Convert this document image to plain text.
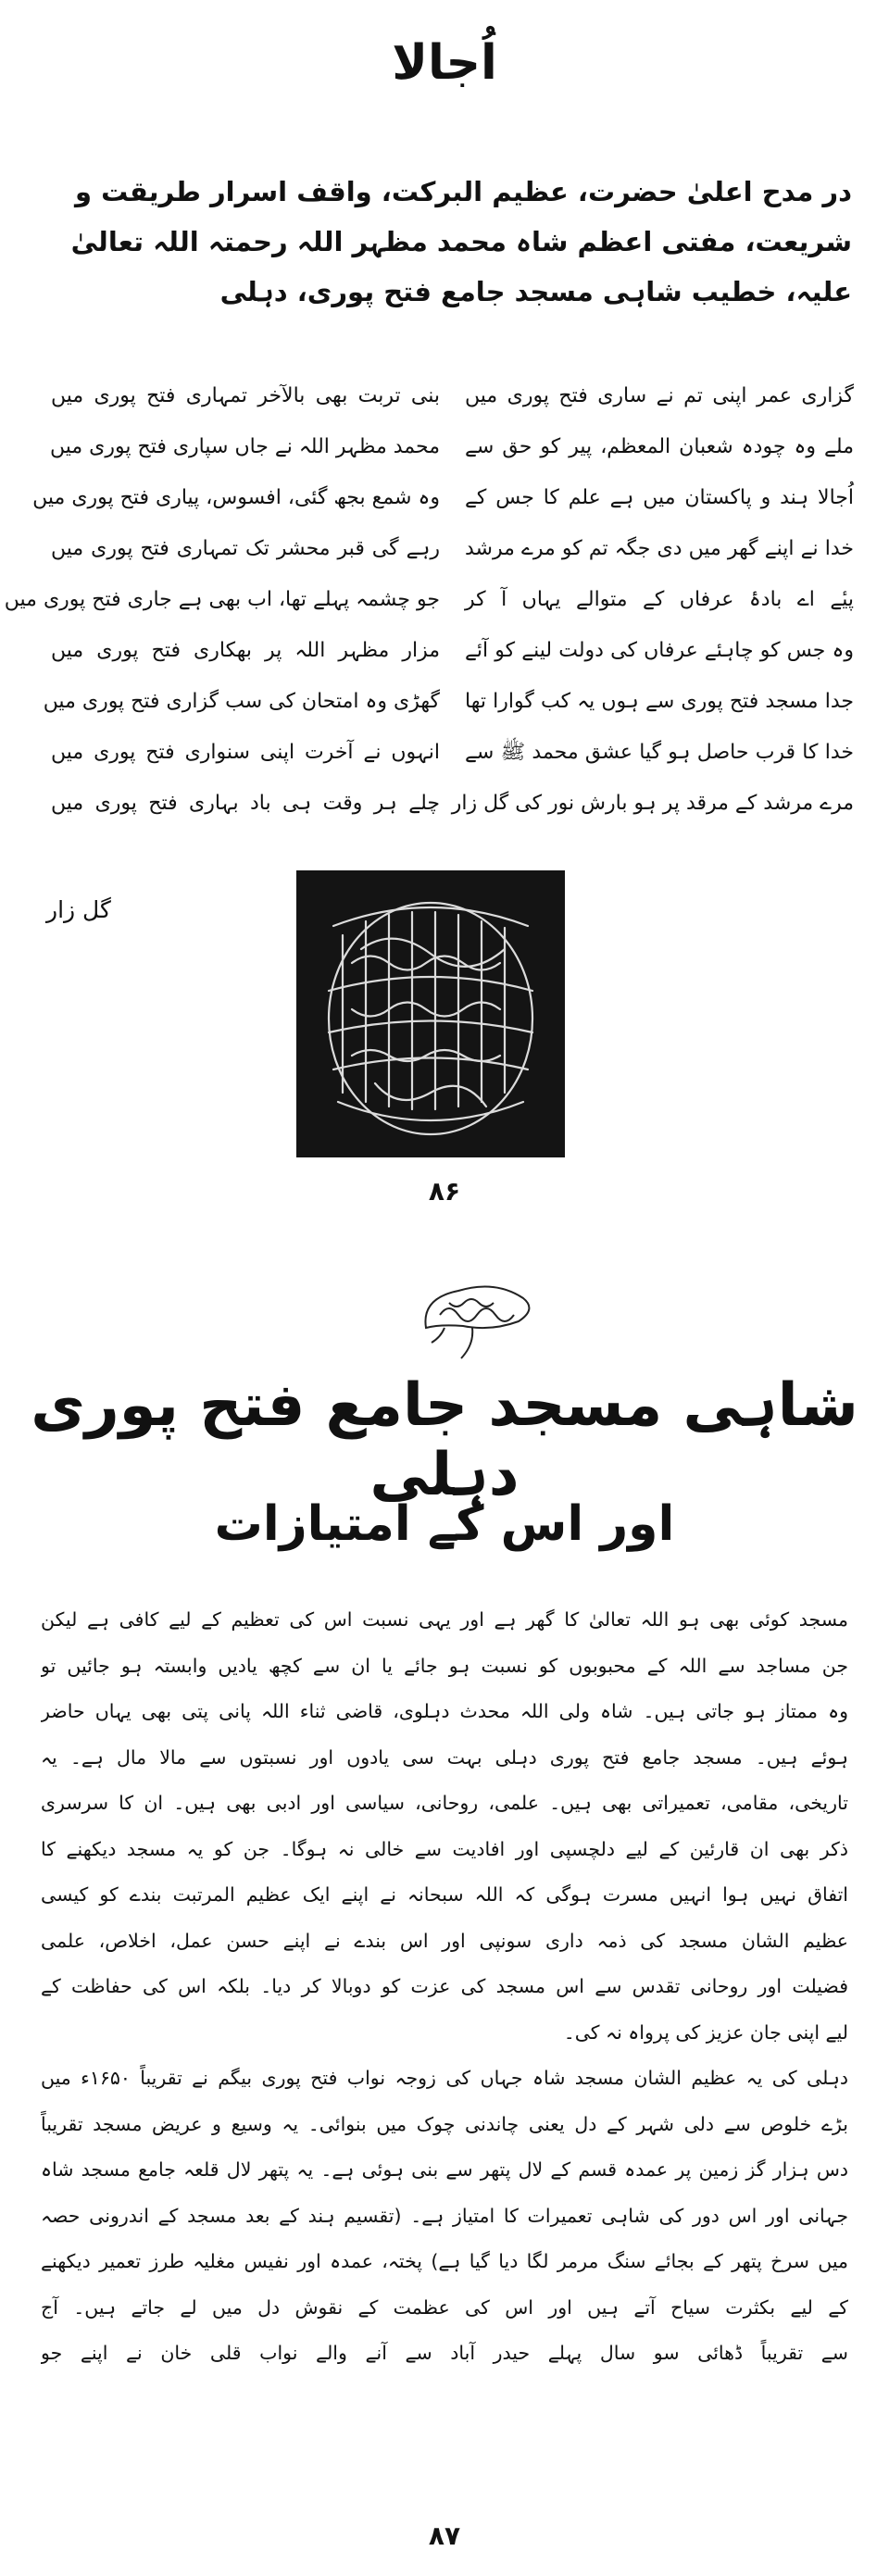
اُجالا

در مدح اعلیٰ حضرت، عظیم البرکت، واقف اسرار طریقت و شریعت، مفتی اعظم شاہ محمد مظہر اللہ رحمتہ اللہ تعالیٰ علیہ، خطیب شاہی مسجد جامع فتح پوری، دہلی

گزاری عمر اپنی تم نے ساری فتح پوری میں
ملے وہ چودہ شعبان المعظم، پیر کو حق سے
اُجالا ہند و پاکستان میں ہے علم کا جس کے
خدا نے اپنے گھر میں دی جگہ تم کو مرے مرشد
پیٔے اے بادۂ عرفاں کے متوالے یہاں آ کر
وہ جس کو چاہئے عرفاں کی دولت لینے کو آئے
جدا مسجد فتح پوری سے ہوں یہ کب گوارا تھا
خدا کا قرب حاصل ہو گیا عشق محمد ﷺ سے
مرے مرشد کے مرقد پر ہو بارش نور کی گل زار
بنی تربت بھی بالآخر تمہاری فتح پوری میں
محمد مظہر اللہ نے جاں سپاری فتح پوری میں
وہ شمع بجھ گئی، افسوس، پیاری فتح پوری میں
رہے گی قبر محشر تک تمہاری فتح پوری میں
جو چشمہ پہلے تھا، اب بھی ہے جاری فتح پوری میں
مزار مظہر اللہ پر بھکاری فتح پوری میں
گھڑی وہ امتحان کی سب گزاری فتح پوری میں
انہوں نے آخرت اپنی سنواری فتح پوری میں
چلے ہر وقت ہی باد بہاری فتح پوری میں
گل زار
۸۶
شاہی مسجد جامع فتح پوری دہلی
اور اس کے امتیازات
مسجد کوئی بھی ہو اللہ تعالیٰ کا گھر ہے اور یہی نسبت اس کی تعظیم کے لیے کافی ہے لیکن
جن مساجد سے اللہ کے محبوبوں کو نسبت ہو جائے یا ان سے کچھ یادیں وابستہ ہو جائیں تو
وہ ممتاز ہو جاتی ہیں۔ شاہ ولی اللہ محدث دہلوی، قاضی ثناء اللہ پانی پتی بھی یہاں حاضر
ہوئے ہیں۔ مسجد جامع فتح پوری دہلی بہت سی یادوں اور نسبتوں سے مالا مال ہے۔ یہ
تاریخی، مقامی، تعمیراتی بھی ہیں۔ علمی، روحانی، سیاسی اور ادبی بھی ہیں۔ ان کا سرسری
ذکر بھی ان قارئین کے لیے دلچسپی اور افادیت سے خالی نہ ہوگا۔ جن کو یہ مسجد دیکھنے کا
اتفاق نہیں ہوا انہیں مسرت ہوگی کہ اللہ سبحانہ نے اپنے ایک عظیم المرتبت بندے کو کیسی
عظیم الشان مسجد کی ذمہ داری سونپی اور اس بندے نے اپنے حسن عمل، اخلاص، علمی
فضیلت اور روحانی تقدس سے اس مسجد کی عزت کو دوبالا کر دیا۔ بلکہ اس کی حفاظت کے
لیے اپنی جان عزیز کی پرواہ نہ کی۔
دہلی کی یہ عظیم الشان مسجد شاہ جہاں کی زوجہ نواب فتح پوری بیگم نے تقریباً ۱۶۵۰ء میں
بڑے خلوص سے دلی شہر کے دل یعنی چاندنی چوک میں بنوائی۔ یہ وسیع و عریض مسجد تقریباً
دس ہزار گز زمین پر عمدہ قسم کے لال پتھر سے بنی ہوئی ہے۔ یہ پتھر لال قلعہ جامع مسجد شاہ
جہانی اور اس دور کی شاہی تعمیرات کا امتیاز ہے۔ (تقسیم ہند کے بعد مسجد کے اندرونی حصہ
میں سرخ پتھر کے بجائے سنگ مرمر لگا دیا گیا ہے) پختہ، عمدہ اور نفیس مغلیہ طرز تعمیر دیکھنے
کے لیے بکثرت سیاح آتے ہیں اور اس کی عظمت کے نقوش دل میں لے جاتے ہیں۔ آج
سے تقریباً ڈھائی سو سال پہلے حیدر آباد سے آنے والے نواب قلی خان نے اپنے جو
۸۷
